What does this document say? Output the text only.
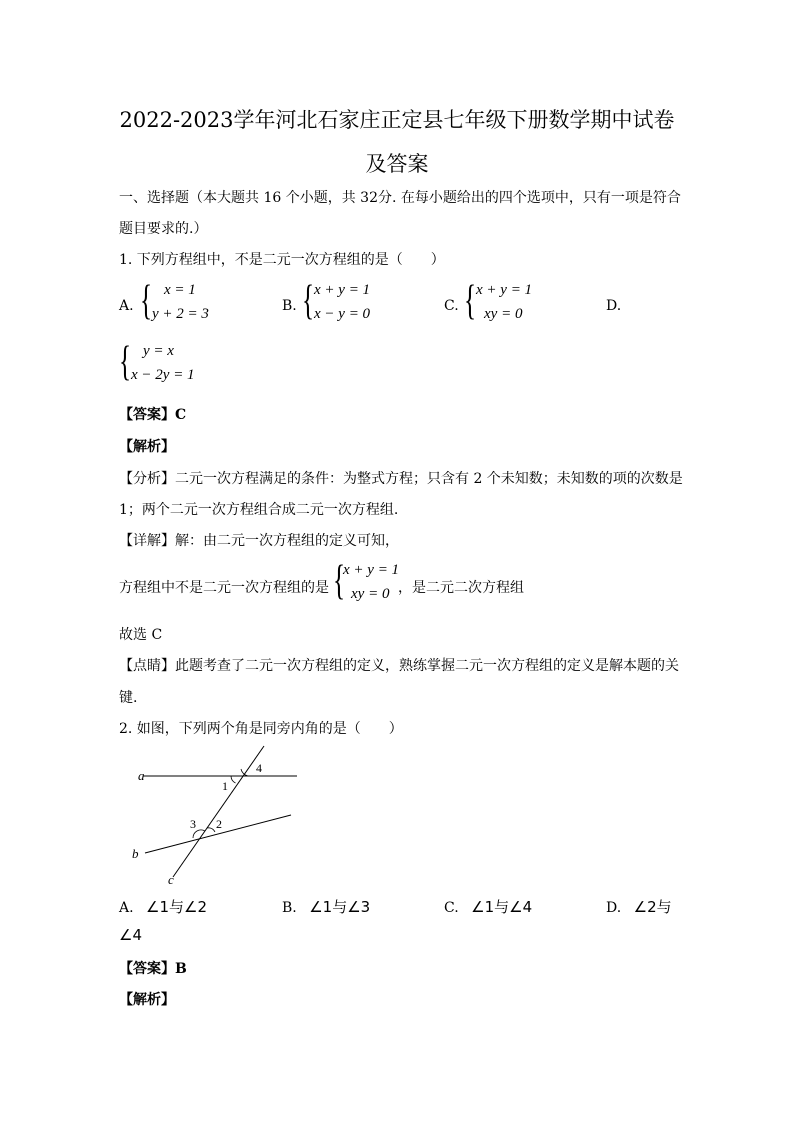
2022-2023学年河北石家庄正定县七年级下册数学期中试卷
及答案
一、选择题（本大题共 16 个小题，共 32分. 在每小题给出的四个选项中，只有一项是符合
题目要求的.）
1. 下列方程组中，不是二元一次方程组的是（　　）
A. { x = 1
y + 2 = 3	B. { x + y = 1
x − y = 0	C. { x + y = 1
xy = 0	D.
{ y = x
x − 2y = 1
【答案】C
【解析】
【分析】二元一次方程满足的条件：为整式方程；只含有 2 个未知数；未知数的项的次数是
1；两个二元一次方程组合成二元一次方程组.
【详解】解：由二元一次方程组的定义可知，
方程组中不是二元一次方程组的是 {
x + y = 1
xy = 0 ，是二元二次方程组
故选 C
【点睛】此题考查了二元一次方程组的定义，熟练掌握二元一次方程组的定义是解本题的关
键.
2. 如图，下列两个角是同旁内角的是（　　）
a
b
c
1
2
3
4
A. ∠1与∠2	B. ∠1与∠3	C. ∠1与∠4	D. ∠2与
∠4
【答案】B
【解析】
